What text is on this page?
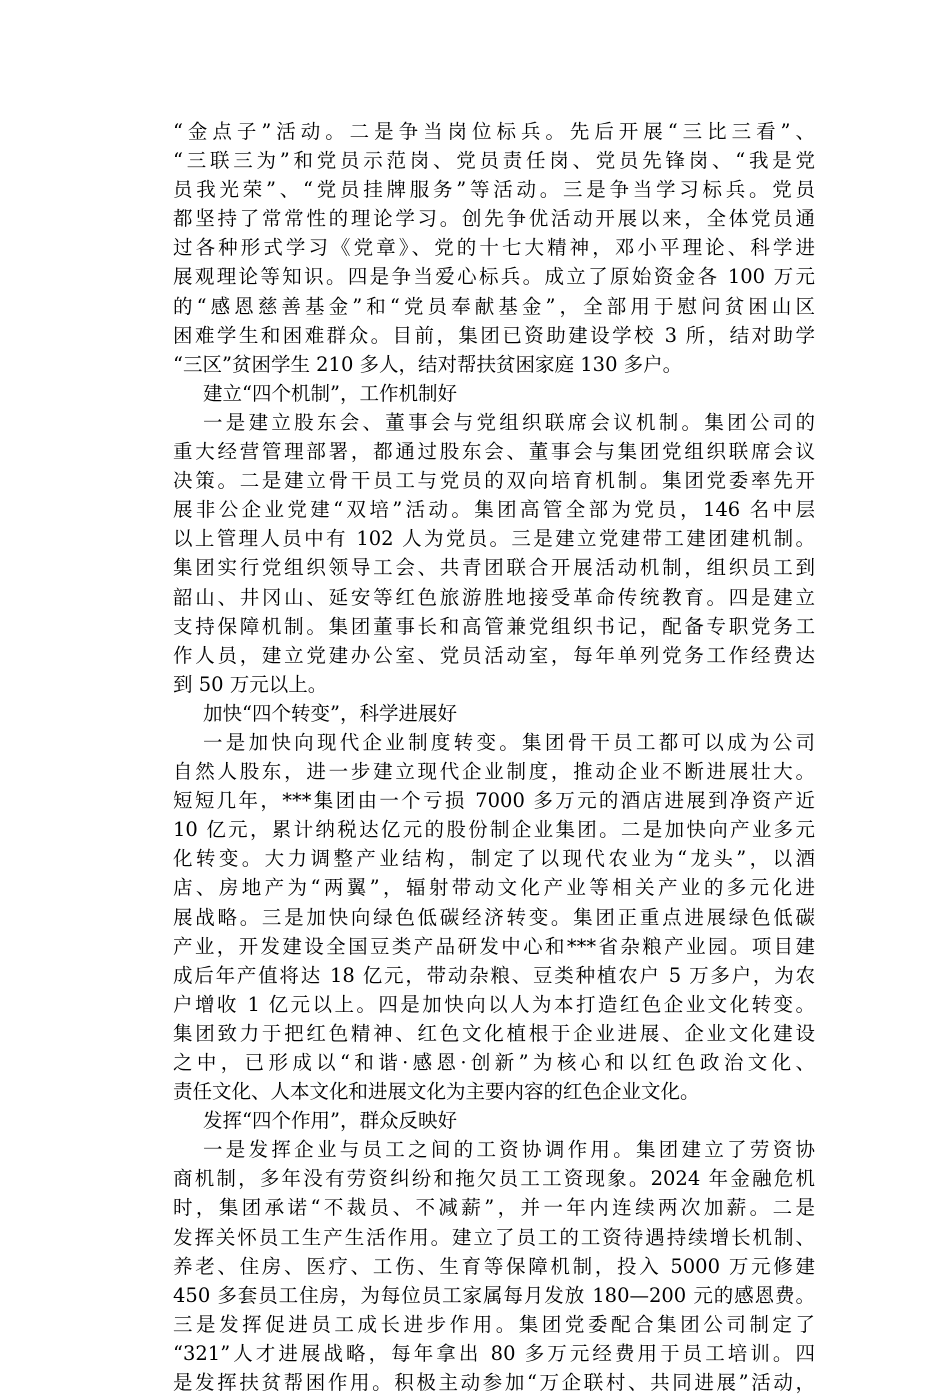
“金点子”活动。二是争当岗位标兵。先后开展“三比三看”、
“三联三为”和党员示范岗、党员责任岗、党员先锋岗、“我是党
员我光荣”、“党员挂牌服务”等活动。三是争当学习标兵。党员
都坚持了常常性的理论学习。创先争优活动开展以来，全体党员通
过各种形式学习《党章》、党的十七大精神，邓小平理论、科学进
展观理论等知识。四是争当爱心标兵。成立了原始资金各 100 万元
的“感恩慈善基金”和“党员奉献基金”，全部用于慰问贫困山区
困难学生和困难群众。目前，集团已资助建设学校 3 所，结对助学
“三区”贫困学生 210 多人，结对帮扶贫困家庭 130 多户。
建立“四个机制”，工作机制好
一是建立股东会、董事会与党组织联席会议机制。集团公司的
重大经营管理部署，都通过股东会、董事会与集团党组织联席会议
决策。二是建立骨干员工与党员的双向培育机制。集团党委率先开
展非公企业党建“双培”活动。集团高管全部为党员，146 名中层
以上管理人员中有 102 人为党员。三是建立党建带工建团建机制。
集团实行党组织领导工会、共青团联合开展活动机制，组织员工到
韶山、井冈山、延安等红色旅游胜地接受革命传统教育。四是建立
支持保障机制。集团董事长和高管兼党组织书记，配备专职党务工
作人员，建立党建办公室、党员活动室，每年单列党务工作经费达
到 50 万元以上。
加快“四个转变”，科学进展好
一是加快向现代企业制度转变。集团骨干员工都可以成为公司
自然人股东，进一步建立现代企业制度，推动企业不断进展壮大。
短短几年，***集团由一个亏损 7000 多万元的酒店进展到净资产近
10 亿元，累计纳税达亿元的股份制企业集团。二是加快向产业多元
化转变。大力调整产业结构，制定了以现代农业为“龙头”，以酒
店、房地产为“两翼”，辐射带动文化产业等相关产业的多元化进
展战略。三是加快向绿色低碳经济转变。集团正重点进展绿色低碳
产业，开发建设全国豆类产品研发中心和***省杂粮产业园。项目建
成后年产值将达 18 亿元，带动杂粮、豆类种植农户 5 万多户，为农
户增收 1 亿元以上。四是加快向以人为本打造红色企业文化转变。
集团致力于把红色精神、红色文化植根于企业进展、企业文化建设
之中，已形成以“和谐·感恩·创新”为核心和以红色政治文化、
责任文化、人本文化和进展文化为主要内容的红色企业文化。
发挥“四个作用”，群众反映好
一是发挥企业与员工之间的工资协调作用。集团建立了劳资协
商机制，多年没有劳资纠纷和拖欠员工工资现象。2024 年金融危机
时，集团承诺“不裁员、不减薪”，并一年内连续两次加薪。二是
发挥关怀员工生产生活作用。建立了员工的工资待遇持续增长机制、
养老、住房、医疗、工伤、生育等保障机制，投入 5000 万元修建
450 多套员工住房，为每位员工家属每月发放 180—200 元的感恩费。
三是发挥促进员工成长进步作用。集团党委配合集团公司制定了
“321”人才进展战略，每年拿出 80 多万元经费用于员工培训。四
是发挥扶贫帮困作用。积极主动参加“万企联村、共同进展”活动，
